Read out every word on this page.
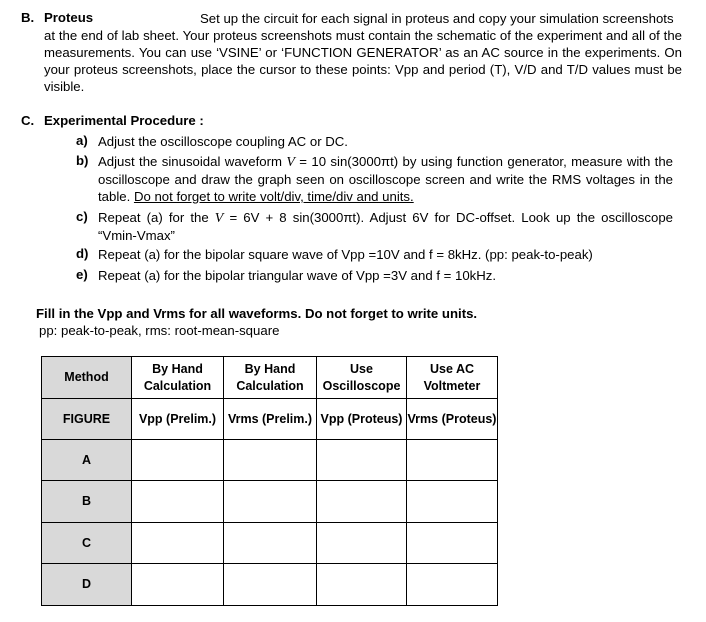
B. Proteus	Set up the circuit for each signal in proteus and copy your simulation screenshots
at the end of lab sheet. Your proteus screenshots must contain the schematic of the experiment and all of the measurements. You can use ‘VSINE’ or ‘FUNCTION GENERATOR’ as an AC source in the experiments. On your proteus screenshots, place the cursor to these points: Vpp and period (T), V/D and T/D values must be visible.
C. Experimental Procedure :
a) Adjust the oscilloscope coupling AC or DC.
b) Adjust the sinusoidal waveform V = 10 sin(3000πt) by using function generator, measure with the oscilloscope and draw the graph seen on oscilloscope screen and write the RMS voltages in the table. Do not forget to write volt/div, time/div and units.
c) Repeat (a) for the V = 6V + 8 sin(3000πt). Adjust 6V for DC-offset. Look up the oscilloscope “Vmin-Vmax”
d) Repeat (a) for the bipolar square wave of Vpp =10V and f = 8kHz. (pp: peak-to-peak)
e) Repeat (a) for the bipolar triangular wave of Vpp =3V and f = 10kHz.
Fill in the Vpp and Vrms for all waveforms. Do not forget to write units.
pp: peak-to-peak, rms: root-mean-square
Method	By Hand Calculation	By Hand Calculation	Use Oscilloscope	Use AC Voltmeter
FIGURE	Vpp (Prelim.)	Vrms (Prelim.)	Vpp (Proteus)	Vrms (Proteus)
A				
B				
C				
D				
